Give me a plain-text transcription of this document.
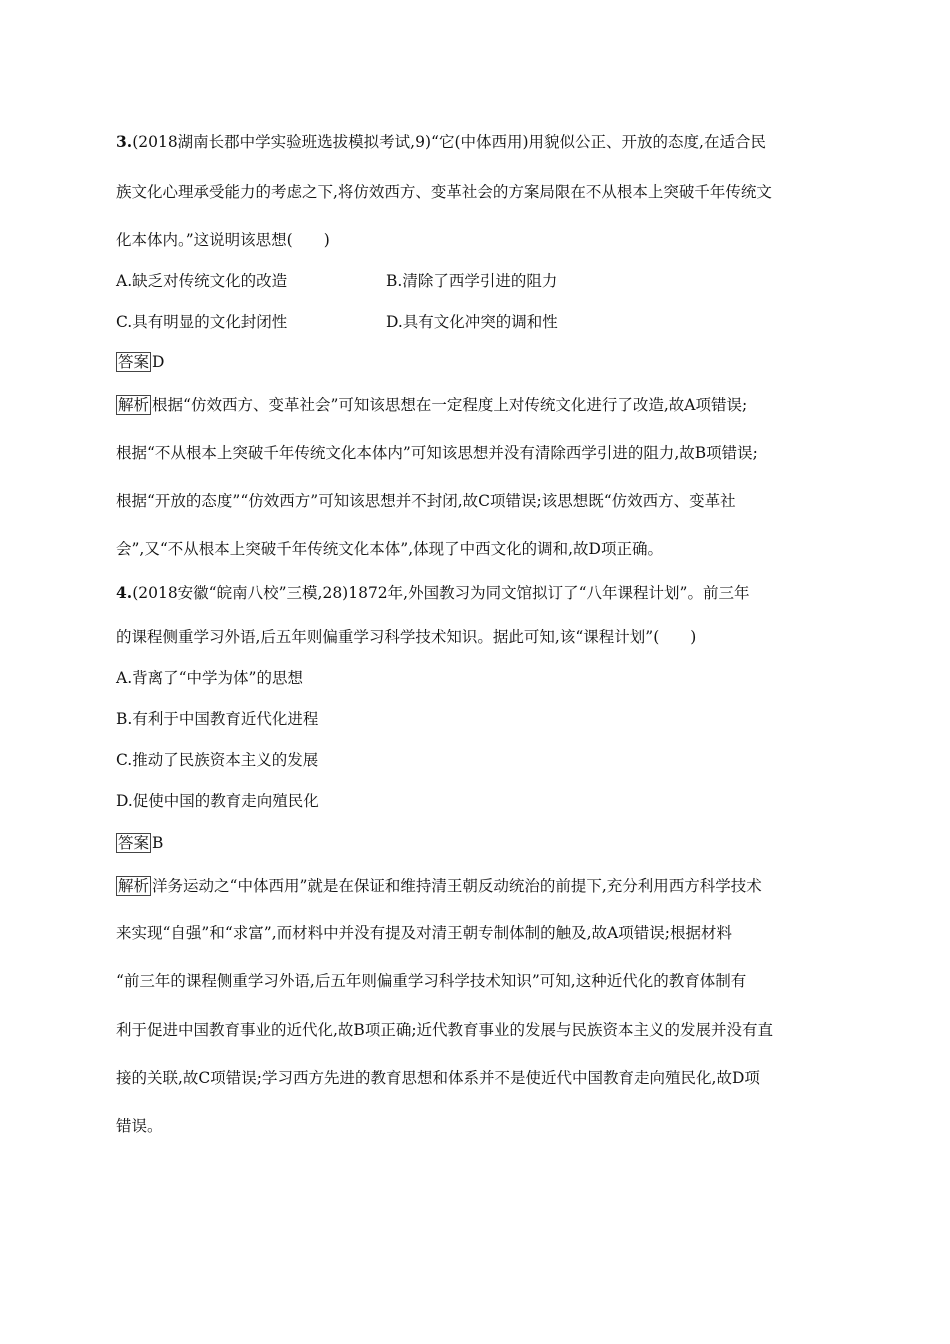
3.(2018湖南长郡中学实验班选拔模拟考试,9)“它(中体西用)用貌似公正、开放的态度,在适合民
族文化心理承受能力的考虑之下,将仿效西方、变革社会的方案局限在不从根本上突破千年传统文
化本体内。”这说明该思想(　　)
A.缺乏对传统文化的改造	B.清除了西学引进的阻力
C.具有明显的文化封闭性	D.具有文化冲突的调和性
答案 D
解析 根据“仿效西方、变革社会”可知该思想在一定程度上对传统文化进行了改造,故A项错误;
根据“不从根本上突破千年传统文化本体内”可知该思想并没有清除西学引进的阻力,故B项错误;
根据“开放的态度”“仿效西方”可知该思想并不封闭,故C项错误;该思想既“仿效西方、变革社
会”,又“不从根本上突破千年传统文化本体”,体现了中西文化的调和,故D项正确。
4.(2018安徽“皖南八校”三模,28)1872年,外国教习为同文馆拟订了“八年课程计划”。前三年
的课程侧重学习外语,后五年则偏重学习科学技术知识。据此可知,该“课程计划”(　　)
A.背离了“中学为体”的思想
B.有利于中国教育近代化进程
C.推动了民族资本主义的发展
D.促使中国的教育走向殖民化
答案 B
解析 洋务运动之“中体西用”就是在保证和维持清王朝反动统治的前提下,充分利用西方科学技术
来实现“自强”和“求富”,而材料中并没有提及对清王朝专制体制的触及,故A项错误;根据材料
“前三年的课程侧重学习外语,后五年则偏重学习科学技术知识”可知,这种近代化的教育体制有
利于促进中国教育事业的近代化,故B项正确;近代教育事业的发展与民族资本主义的发展并没有直
接的关联,故C项错误;学习西方先进的教育思想和体系并不是使近代中国教育走向殖民化,故D项
错误。
